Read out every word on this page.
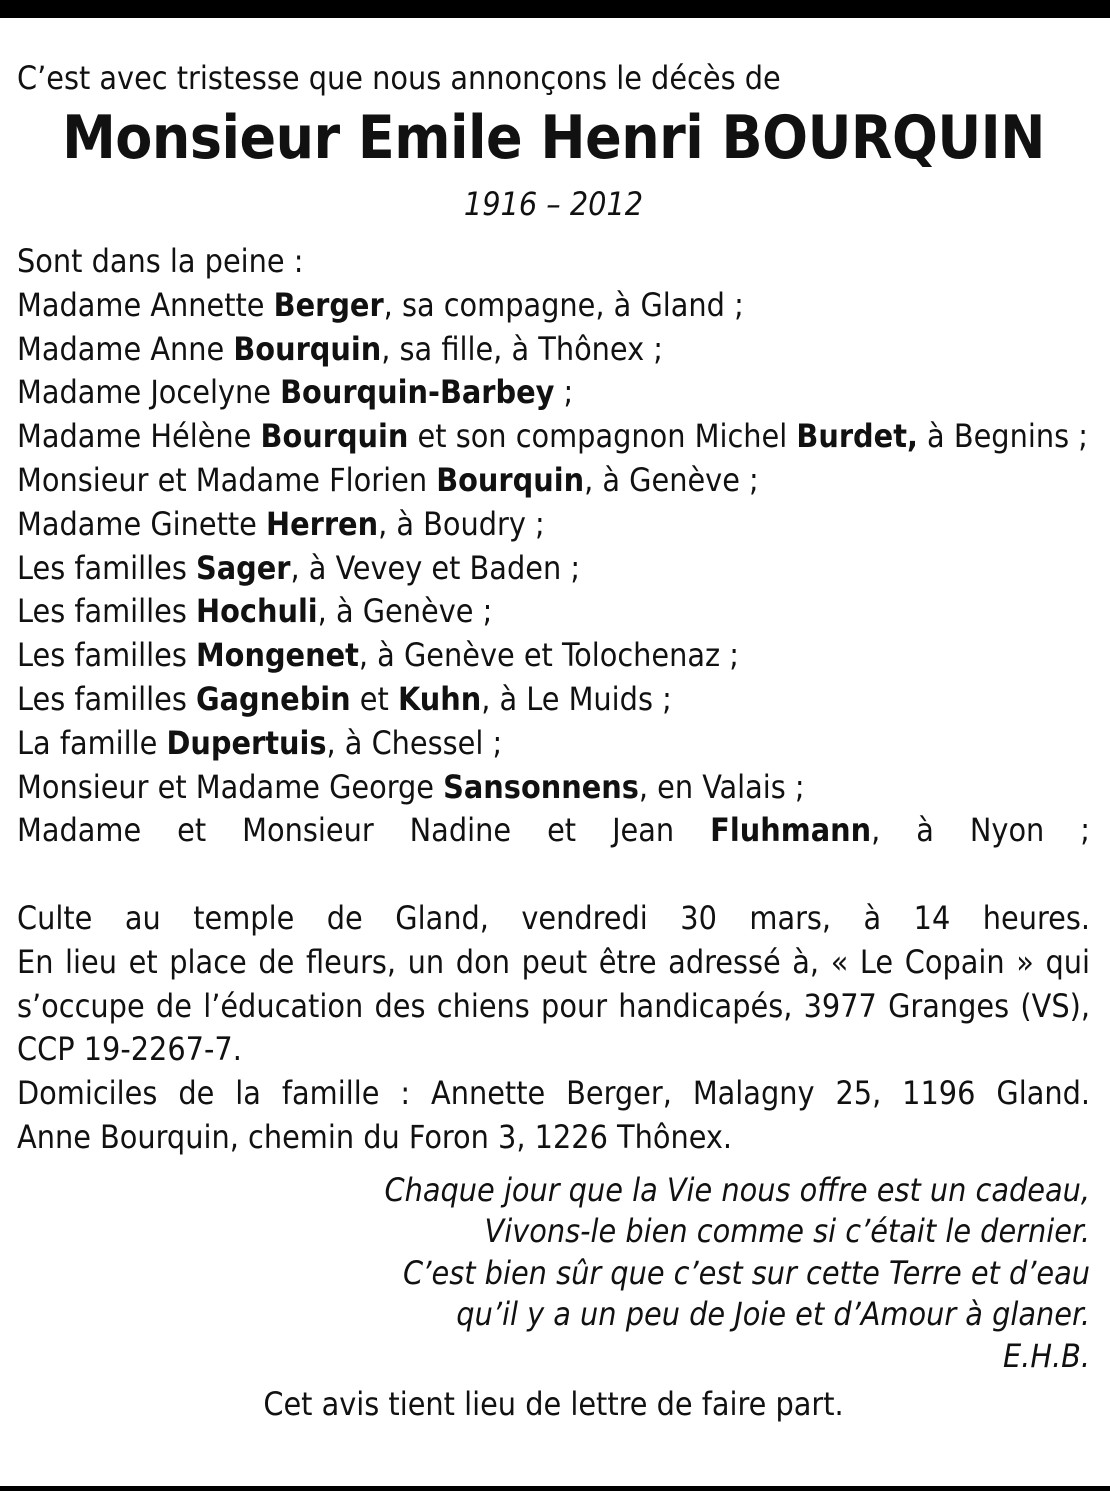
C’est avec tristesse que nous annonçons le décès de

Monsieur Emile Henri BOURQUIN

1916 – 2012

Sont dans la peine :

Madame Annette Berger, sa compagne, à Gland ;

Madame Anne Bourquin, sa fille, à Thônex ;

Madame Jocelyne Bourquin-Barbey ;

Madame Hélène Bourquin et son compagnon Michel Burdet, à Begnins ;

Monsieur et Madame Florien Bourquin, à Genève ;

Madame Ginette Herren, à Boudry ;

Les familles Sager, à Vevey et Baden ;

Les familles Hochuli, à Genève ;

Les familles Mongenet, à Genève et Tolochenaz ;

Les familles Gagnebin et Kuhn, à Le Muids ;

La famille Dupertuis, à Chessel ;

Monsieur et Madame George Sansonnens, en Valais ;

Madame et Monsieur Nadine et Jean Fluhmann, à Nyon ;

Culte au temple de Gland, vendredi 30 mars, à 14 heures.

En lieu et place de fleurs, un don peut être adressé à, « Le Copain » qui s’occupe de l’éducation des chiens pour handicapés, 3977 Granges (VS), CCP 19-2267-7.

Domiciles de la famille : Annette Berger, Malagny 25, 1196 Gland.

Anne Bourquin, chemin du Foron 3, 1226 Thônex.

Chaque jour que la Vie nous offre est un cadeau,

Vivons-le bien comme si c’était le dernier.

C’est bien sûr que c’est sur cette Terre et d’eau

qu’il y a un peu de Joie et d’Amour à glaner.

E.H.B.

Cet avis tient lieu de lettre de faire part.
